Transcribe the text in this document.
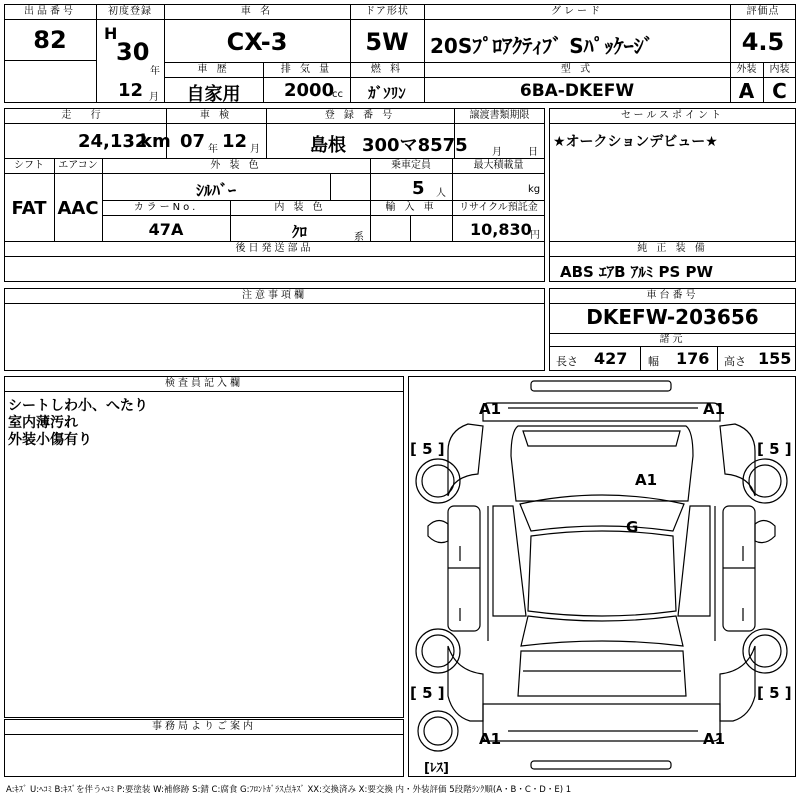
出品番号
82
初度登録
H
30
年
12 月
車 名
CX-3
ドア形状
5W
グレード
20Sﾌﾟﾛｱｸﾃｨﾌﾞ Sﾊﾟｯｹｰｼﾞ
評価点
4.5
車 歴
自家用
排 気 量
2000
cc
燃 料
ｶﾞｿﾘﾝ
型 式
6BA-DKEFW
外装	内装
A C
走 行
24,132
km
車 検
07 年 12 月
登 録 番 号
島根 300マ8575
譲渡書類期限
月	日
シフト
FAT
エアコン
AAC
外 装 色
ｼﾙﾊﾞｰ
乗車定員
5 人
最大積載量
kg
カラーNo.
47A
内 装 色
ｸﾛ	系
輸 入 車	リサイクル預託金
10,830
円
セールスポイント
★オークションデビュー★
後日発送部品	純 正 装 備
ABS ｴｱB ｱﾙﾐ PS PW
注意事項欄	車台番号
DKEFW-203656
諸元
長さ 427 幅 176 高さ 155
検査員記入欄
シートしわ小、へたり
室内薄汚れ
外装小傷有り
事務局よりご案内
A1	A1
A1
G
A1	A1
[ 5 ]	[ 5 ]
[ 5 ]	[ 5 ]
[ﾚｽ]
A:ｷｽﾞ U:ﾍｺﾐ B:ｷｽﾞを伴うﾍｺﾐ P:要塗装 W:補修跡 S:錆 C:腐食 G:ﾌﾛﾝﾄｶﾞﾗｽ点ｷｽﾞ XX:交換済み X:要交換 内・外装評価 5段階ﾗﾝｸ順(A・B・C・D・E) 1
